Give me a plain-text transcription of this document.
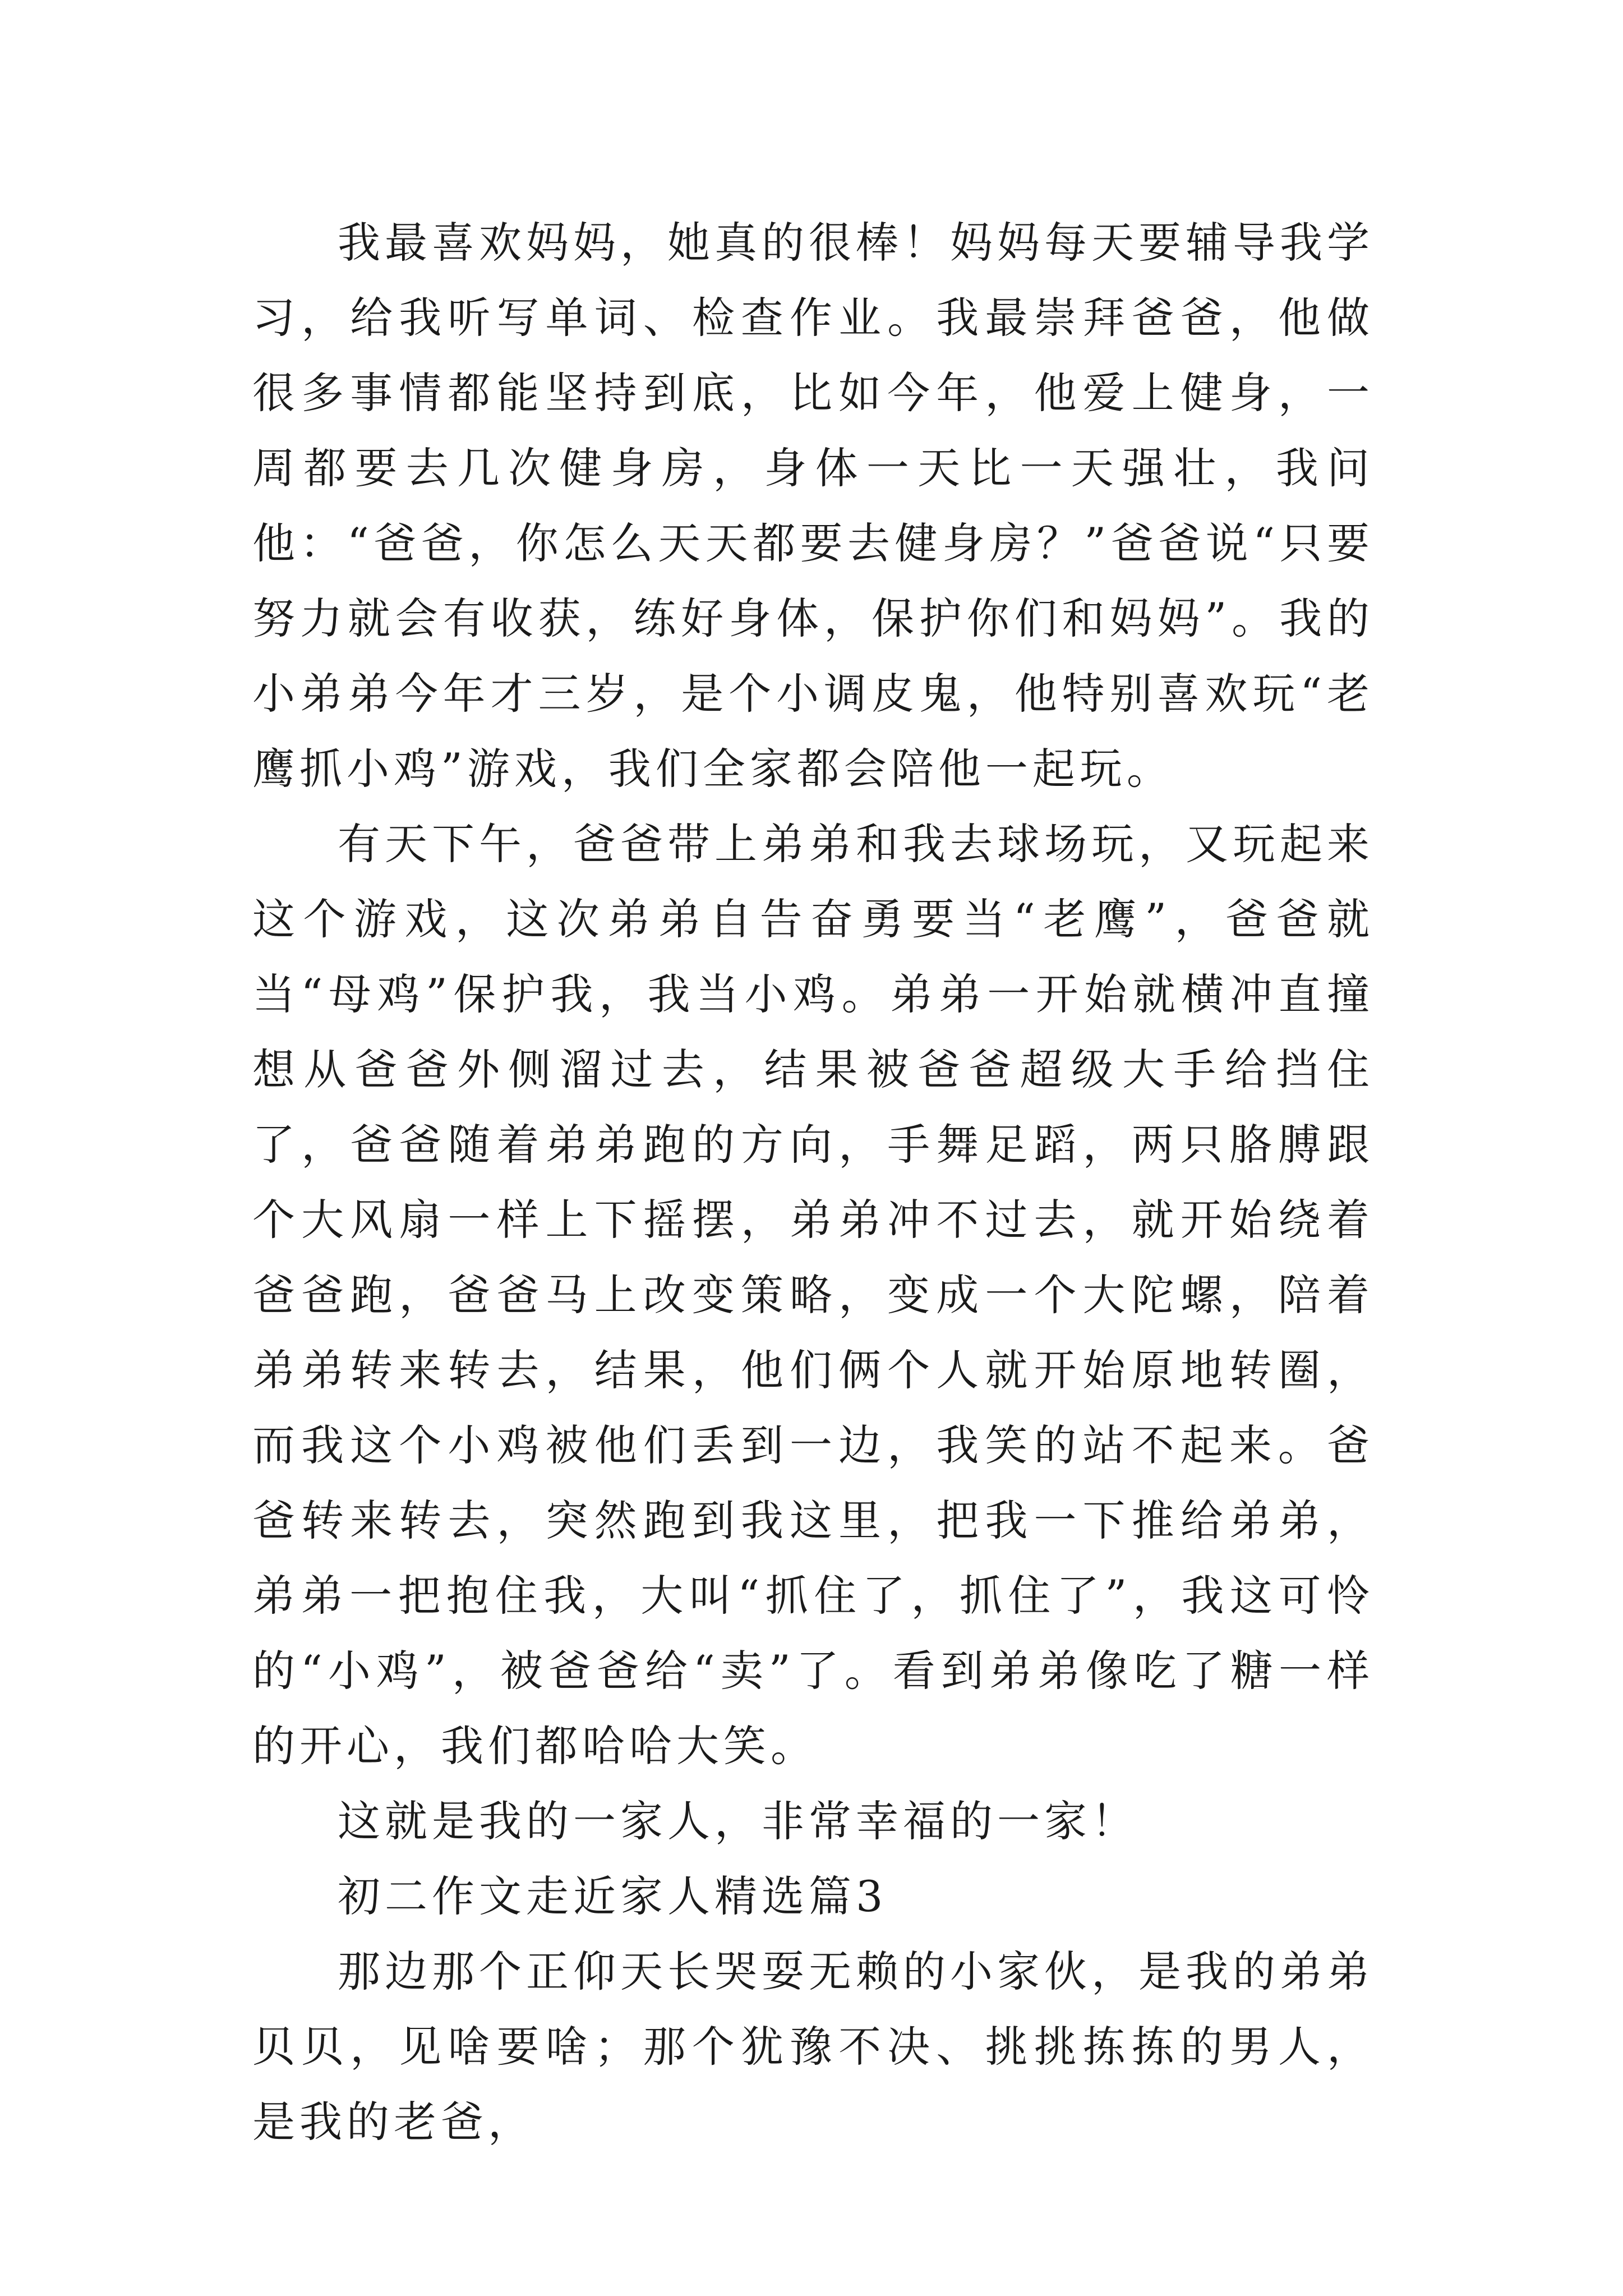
我最喜欢妈妈，她真的很棒！妈妈每天要辅导我学习，给我听写单词、检查作业。我最崇拜爸爸，他做很多事情都能坚持到底，比如今年，他爱上健身，一周都要去几次健身房，身体一天比一天强壮，我问他：“爸爸，你怎么天天都要去健身房？”爸爸说“只要努力就会有收获，练好身体，保护你们和妈妈”。我的小弟弟今年才三岁，是个小调皮鬼，他特别喜欢玩“老鹰抓小鸡”游戏，我们全家都会陪他一起玩。

有天下午，爸爸带上弟弟和我去球场玩，又玩起来这个游戏，这次弟弟自告奋勇要当“老鹰”，爸爸就当“母鸡”保护我，我当小鸡。弟弟一开始就横冲直撞想从爸爸外侧溜过去，结果被爸爸超级大手给挡住了，爸爸随着弟弟跑的方向，手舞足蹈，两只胳膊跟个大风扇一样上下摇摆，弟弟冲不过去，就开始绕着爸爸跑，爸爸马上改变策略，变成一个大陀螺，陪着弟弟转来转去，结果，他们俩个人就开始原地转圈，而我这个小鸡被他们丢到一边，我笑的站不起来。爸爸转来转去，突然跑到我这里，把我一下推给弟弟，弟弟一把抱住我，大叫“抓住了，抓住了”，我这可怜的“小鸡”，被爸爸给“卖”了。看到弟弟像吃了糖一样的开心，我们都哈哈大笑。

这就是我的一家人，非常幸福的一家！

初二作文走近家人精选篇3

那边那个正仰天长哭耍无赖的小家伙，是我的弟弟贝贝，见啥要啥；那个犹豫不决、挑挑拣拣的男人，是我的老爸，
